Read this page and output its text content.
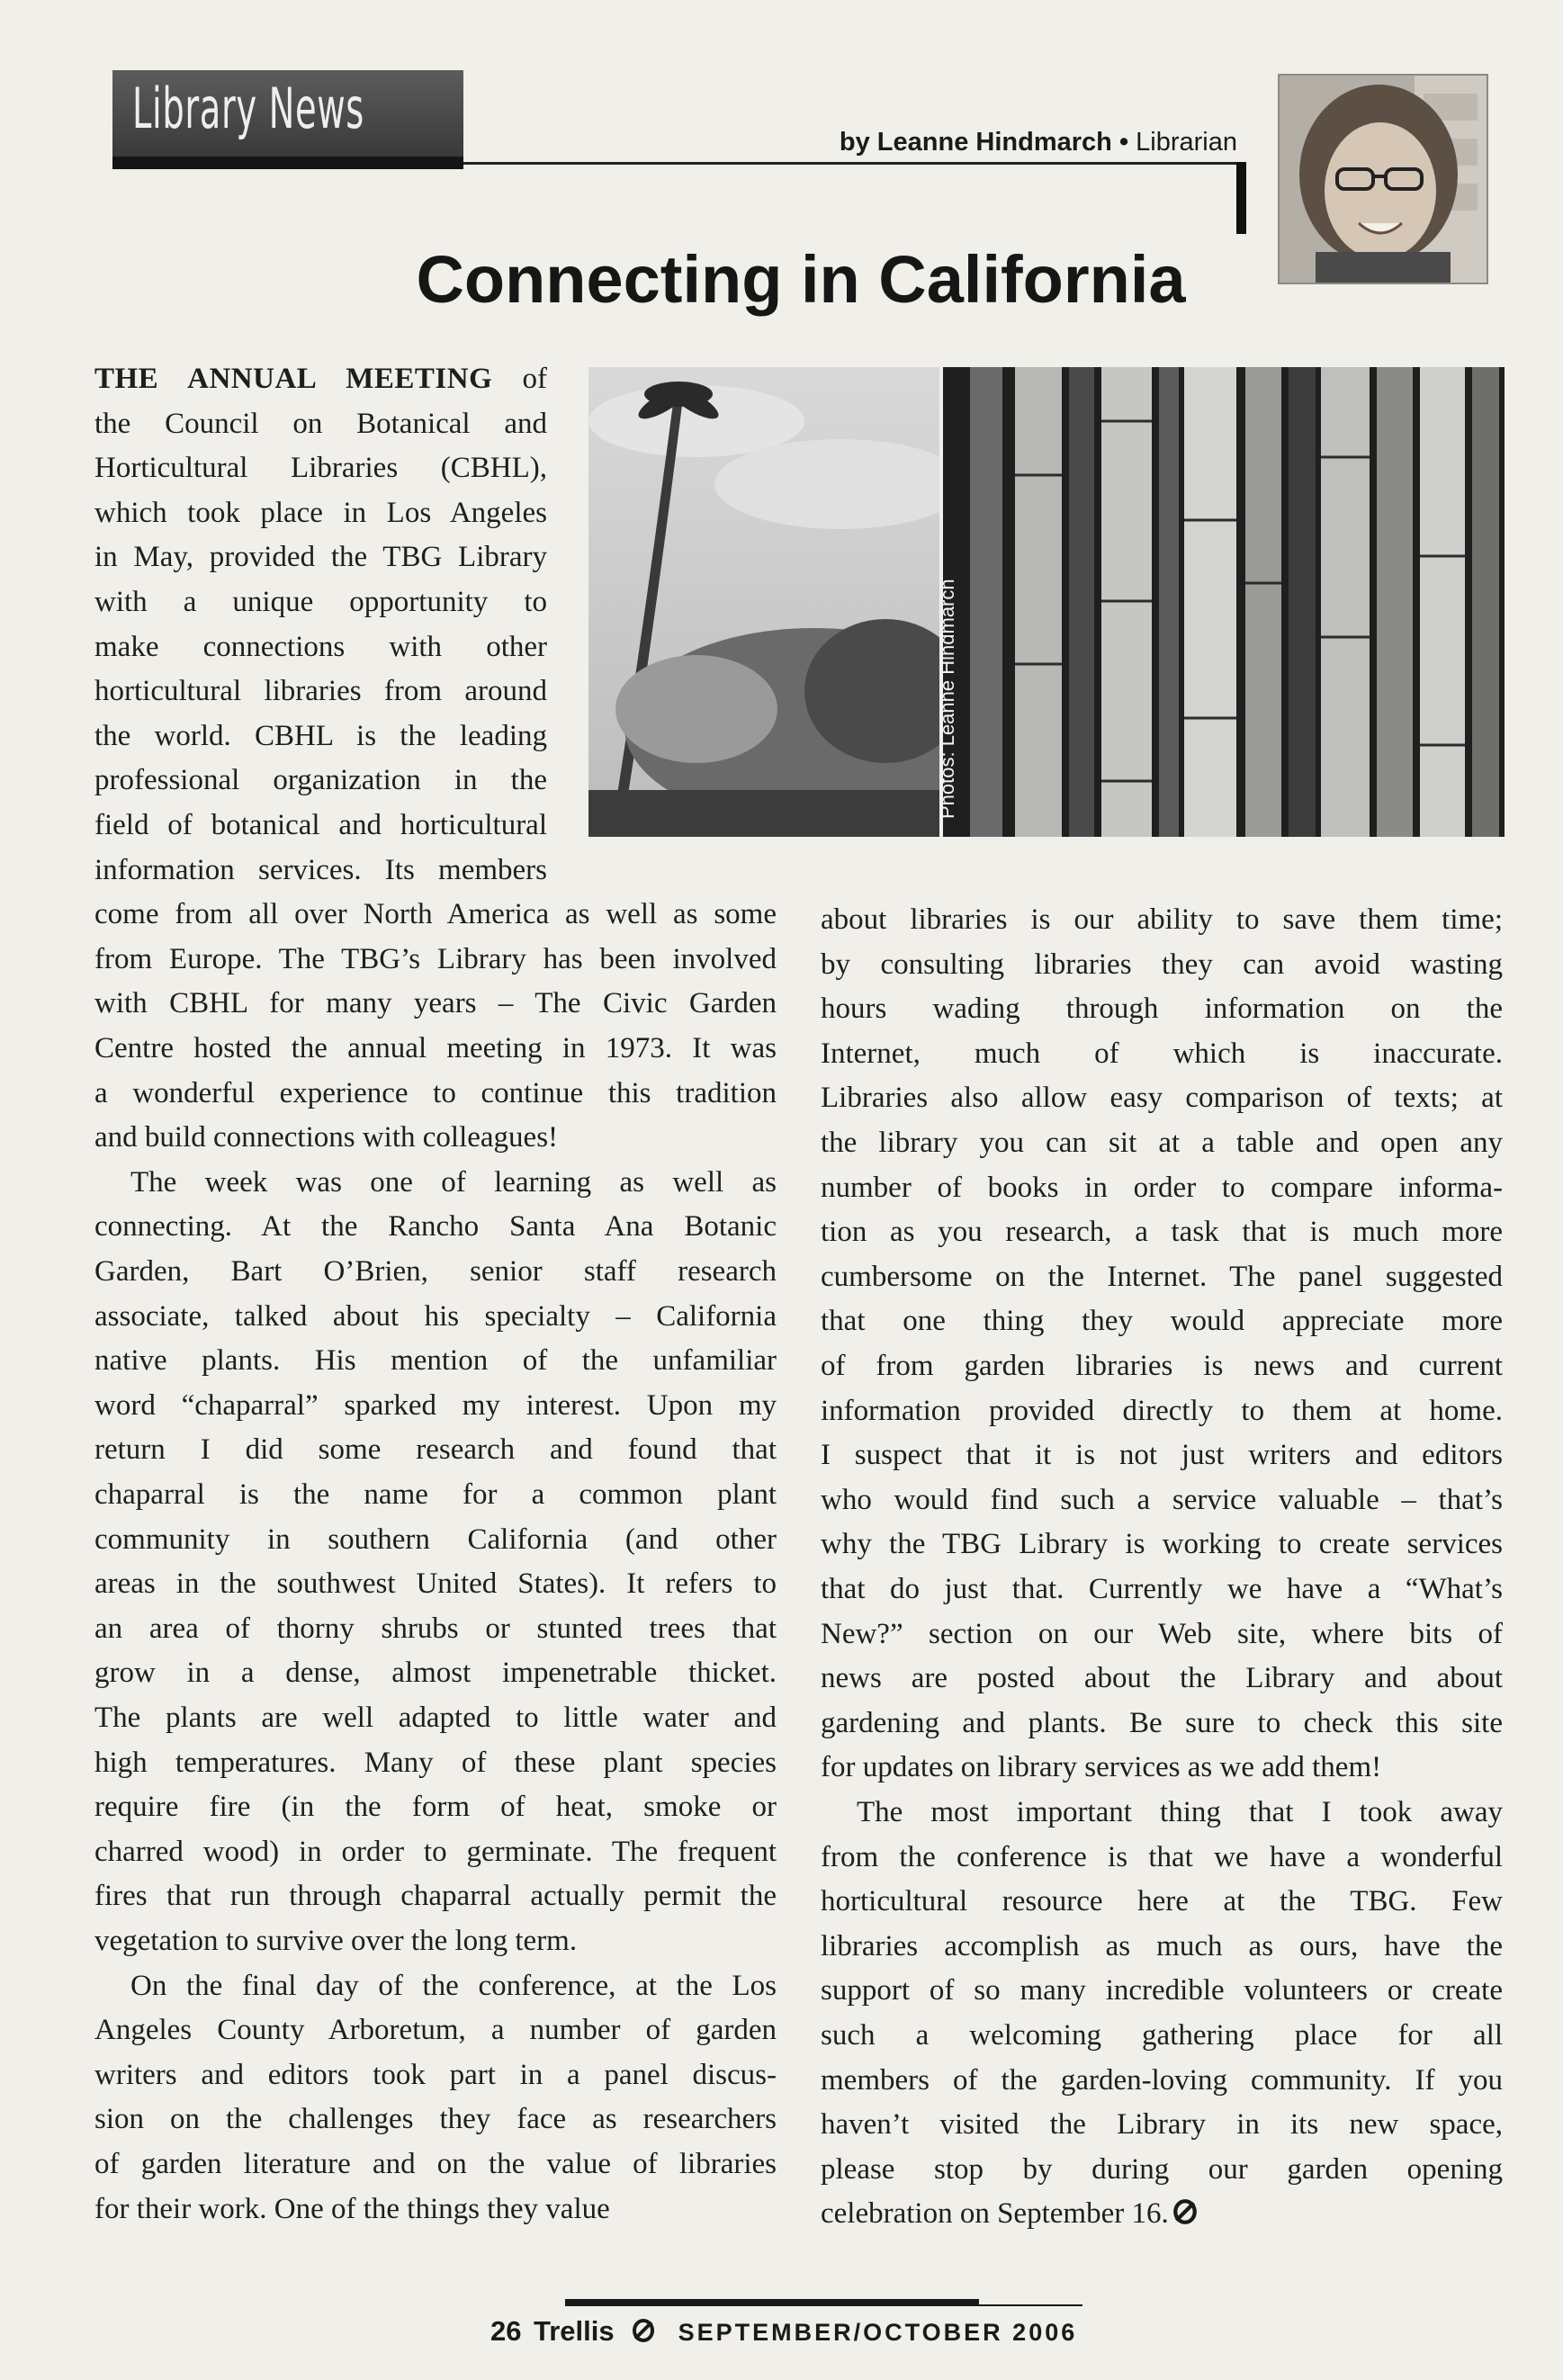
Library News
by Leanne Hindmarch • Librarian
Connecting in California
Photos: Leanne Hindmarch
THE ANNUAL MEETING of
the Council on Botanical and
Horticultural Libraries (CBHL),
which took place in Los Angeles
in May, provided the TBG Library
with a unique opportunity to
make connections with other
horticultural libraries from around
the world. CBHL is the leading
professional organization in the
field of botanical and horticultural
information services. Its members
come from all over North America as well as some
from Europe. The TBG’s Library has been involved
with CBHL for many years – The Civic Garden
Centre hosted the annual meeting in 1973. It was
a wonderful experience to continue this tradition
and build connections with colleagues!
The week was one of learning as well as
connecting. At the Rancho Santa Ana Botanic
Garden, Bart O’Brien, senior staff research
associate, talked about his specialty – California
native plants. His mention of the unfamiliar
word “chaparral” sparked my interest. Upon my
return I did some research and found that
chaparral is the name for a common plant
community in southern California (and other
areas in the southwest United States). It refers to
an area of thorny shrubs or stunted trees that
grow in a dense, almost impenetrable thicket.
The plants are well adapted to little water and
high temperatures. Many of these plant species
require fire (in the form of heat, smoke or
charred wood) in order to germinate. The frequent
fires that run through chaparral actually permit the
vegetation to survive over the long term.
On the final day of the conference, at the Los
Angeles County Arboretum, a number of garden
writers and editors took part in a panel discus-
sion on the challenges they face as researchers
of garden literature and on the value of libraries
for their work. One of the things they value
about libraries is our ability to save them time;
by consulting libraries they can avoid wasting
hours wading through information on the
Internet, much of which is inaccurate.
Libraries also allow easy comparison of texts; at
the library you can sit at a table and open any
number of books in order to compare informa-
tion as you research, a task that is much more
cumbersome on the Internet. The panel suggested
that one thing they would appreciate more
of from garden libraries is news and current
information provided directly to them at home.
I suspect that it is not just writers and editors
who would find such a service valuable – that’s
why the TBG Library is working to create services
that do just that. Currently we have a “What’s
New?” section on our Web site, where bits of
news are posted about the Library and about
gardening and plants. Be sure to check this site
for updates on library services as we add them!
The most important thing that I took away
from the conference is that we have a wonderful
horticultural resource here at the TBG. Few
libraries accomplish as much as ours, have the
support of so many incredible volunteers or create
such a welcoming gathering place for all
members of the garden-loving community. If you
haven’t visited the Library in its new space,
please stop by during our garden opening
celebration on September 16.
26 Trellis	SEPTEMBER/OCTOBER 2006
